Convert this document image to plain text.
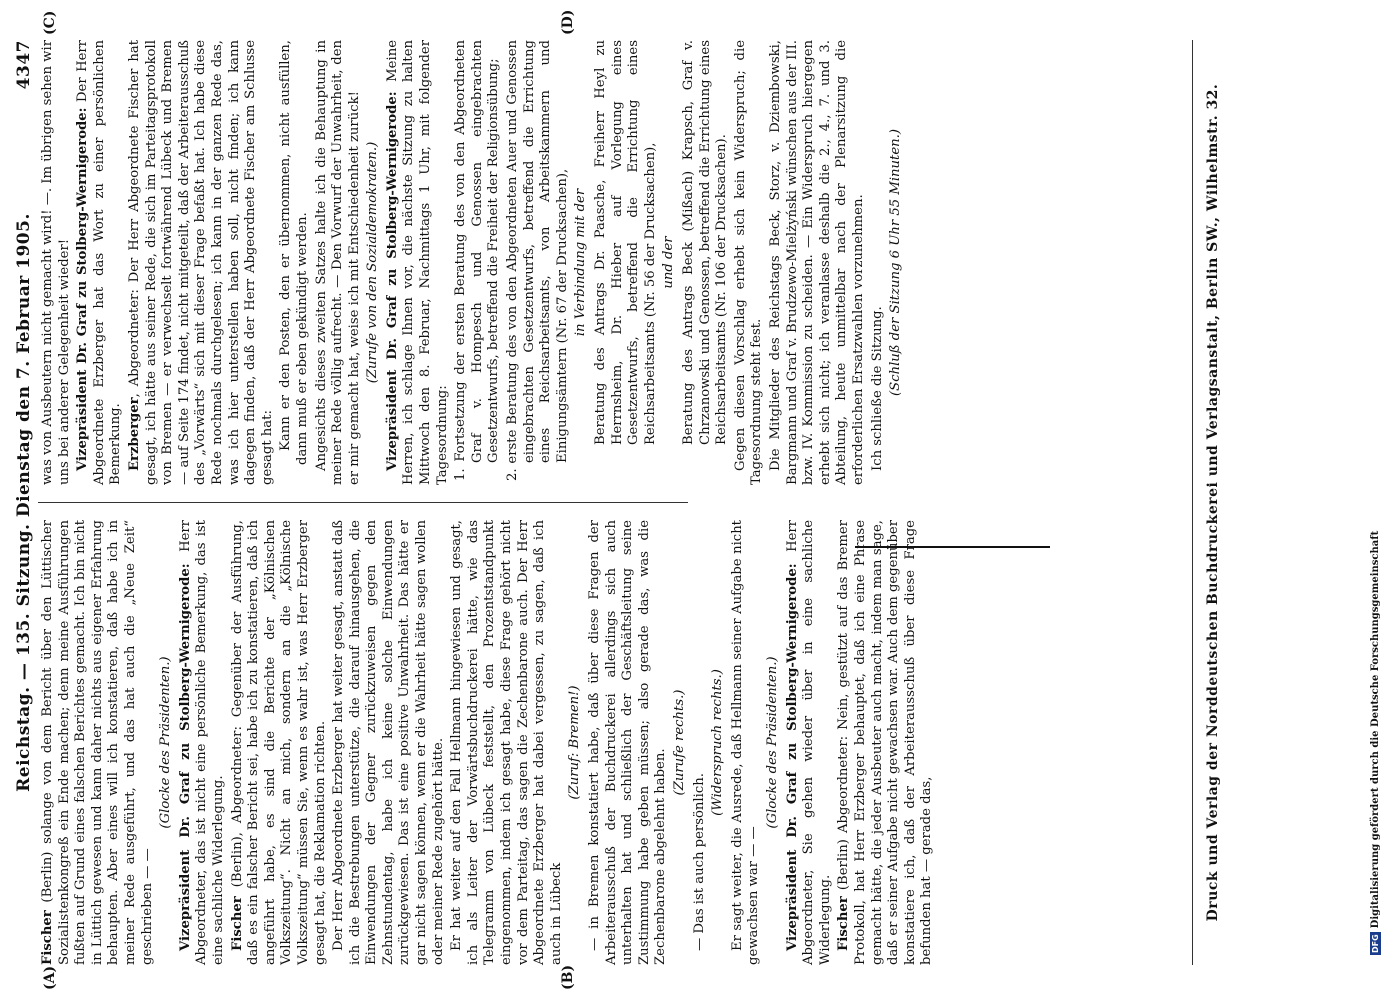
Reichstag. — 135. Sitzung. Dienstag den 7. Februar 1905.
4347
(A)	(B)
(C)	(D)

Fischer (Berlin) solange von dem Bericht über den Lüttischer Sozialistenkongreß ein Ende machen; denn meine Ausführungen fußten auf Grund eines falschen Berichtes gemacht. Ich bin nicht in Lüttich gewesen und kann daher nichts aus eigener Erfahrung behaupten. Aber eines will ich konstatieren, daß habe ich in meiner Rede ausgeführt, und das hat auch die „Neue Zeit“ geschrieben — —

(Glocke des Präsidenten.) Vizepräsident Dr. Graf zu Stolberg-Wernigerode: Herr Abgeordneter, das ist nicht eine persönliche Bemerkung, das ist eine sachliche Widerlegung. Fischer (Berlin), Abgeordneter: Gegenüber der Ausführung, daß es ein falscher Bericht sei, habe ich zu konstatieren, daß ich angeführt habe, es sind die Berichte der „Kölnischen Volkszeitung“. Nicht an mich, sondern an die „Kölnische Volkszeitung“ müssen Sie, wenn es wahr ist, was Herr Erzberger gesagt hat, die Reklamation richten. Der Herr Abgeordnete Erzberger hat weiter gesagt, anstatt daß ich die Bestrebungen unterstütze, die darauf hinausgehen, die Einwendungen der Gegner zurückzuweisen gegen den Zehnstundentag, habe ich keine solche Einwendungen zurückgewiesen. Das ist eine positive Unwahrheit. Das hätte er gar nicht sagen können, wenn er die Wahrheit hätte sagen wollen oder meiner Rede zugehört hätte. Er hat weiter auf den Fall Hellmann hingewiesen und gesagt, ich als Leiter der Vorwärtsbuchdruckerei hätte, wie das Telegramm von Lübeck feststellt, den Prozentstandpunkt eingenommen, indem ich gesagt habe, diese Frage gehört nicht vor dem Parteitag, das sagen die Zechenbarone auch. Der Herr Abgeordnete Erzberger hat dabei vergessen, zu sagen, daß ich auch in Lübeck

(Zuruf: Bremen!) — in Bremen konstatiert habe, daß über diese Fragen der Arbeiterausschuß der Buchdruckerei allerdings sich auch unterhalten hat und schließlich der Geschäftsleitung seine Zustimmung habe geben müssen; also gerade das, was die Zechenbarone abgelehnt haben.

(Zurufe rechts.)

— Das ist auch persönlich.

(Widerspruch rechts.) Er sagt weiter, die Ausrede, daß Hellmann seiner Aufgabe nicht gewachsen war — —

(Glocke des Präsidenten.) Vizepräsident Dr. Graf zu Stolberg-Wernigerode: Herr Abgeordneter, Sie gehen wieder über in eine sachliche Widerlegung. Fischer (Berlin) Abgeordneter: Nein, gestützt auf das Bremer Protokoll, hat Herr Erzberger behauptet, daß ich eine Phrase gemacht hätte, die jeder Ausbeuter auch macht, indem man sage, daß er seiner Aufgabe nicht gewachsen war. Auch dem gegenüber konstatiere ich, daß der Arbeiterausschuß über diese Frage befunden hat — gerade das,

was von Ausbeutern nicht gemacht wird! —. Im übrigen sehen wir uns bei anderer Gelegenheit wieder! Vizepräsident Dr. Graf zu Stolberg-Wernigerode: Der Herr Abgeordnete Erzberger hat das Wort zu einer persönlichen Bemerkung. Erzberger, Abgeordneter: Der Herr Abgeordnete Fischer hat gesagt, ich hätte aus seiner Rede, die sich im Parteitagsprotokoll von Bremen — er verwechselt fortwährend Lübeck und Bremen — auf Seite 174 findet, nicht mitgeteilt, daß der Arbeiterausschuß des „Vorwärts“ sich mit dieser Frage befaßt hat. Ich habe diese Rede nochmals durchgelesen; ich kann in der ganzen Rede das, was ich hier unterstellen haben soll, nicht finden; ich kann dagegen finden, daß der Herr Abgeordnete Fischer am Schlusse gesagt hat: Kann er den Posten, den er übernommen, nicht ausfüllen, dann muß er eben gekündigt werden. Angesichts dieses zweiten Satzes halte ich die Behauptung in meiner Rede völlig aufrecht. — Den Vorwurf der Unwahrheit, den er mir gemacht hat, weise ich mit Entschiedenheit zurück! (Zurufe von den Sozialdemokraten.) Vizepräsident Dr. Graf zu Stolberg-Wernigerode: Meine Herren, ich schlage Ihnen vor, die nächste Sitzung zu halten Mittwoch den 8. Februar, Nachmittags 1 Uhr, mit folgender Tagesordnung: 1. Fortsetzung der ersten Beratung des von den Abgeordneten Graf v. Hompesch und Genossen eingebrachten Gesetzentwurfs, betreffend die Freiheit der Religionsübung; 2. erste Beratung des von den Abgeordneten Auer und Genossen eingebrachten Gesetzentwurfs, betreffend die Errichtung eines Reichsarbeitsamts, von Arbeitskammern und Einigungsämtern (Nr. 67 der Drucksachen), in Verbindung mit der Beratung des Antrags Dr. Paasche, Freiherr Heyl zu Herrnsheim, Dr. Hieber auf Vorlegung eines Gesetzentwurfs, betreffend die Errichtung eines Reichsarbeitsamts (Nr. 56 der Drucksachen), und der Beratung des Antrags Beck (Mißach) Krapsch, Graf v. Chrzanowski und Genossen, betreffend die Errichtung eines Reichsarbeitsamts (Nr. 106 der Drucksachen). Gegen diesen Vorschlag erhebt sich kein Widerspruch; die Tagesordnung steht fest. Die Mitglieder des Reichstags Beck, Storz, v. Dziembowski, Bargmann und Graf v. Brudzewo-Mielżyński wünschen aus der III. bzw. IV. Kommission zu scheiden. — Ein Widerspruch hiergegen erhebt sich nicht; ich veranlasse deshalb die 2., 4., 7. und 3. Abteilung, heute unmittelbar nach der Plenarsitzung die erforderlichen Ersatzwahlen vorzunehmen. Ich schließe die Sitzung. (Schluß der Sitzung 6 Uhr 55 Minuten.)	Druck und Verlag der Norddeutschen Buchdruckerei und Verlagsanstalt, Berlin SW., Wilhelmstr. 32.
DFGDigitalisierung gefördert durch die Deutsche Forschungsgemeinschaft
